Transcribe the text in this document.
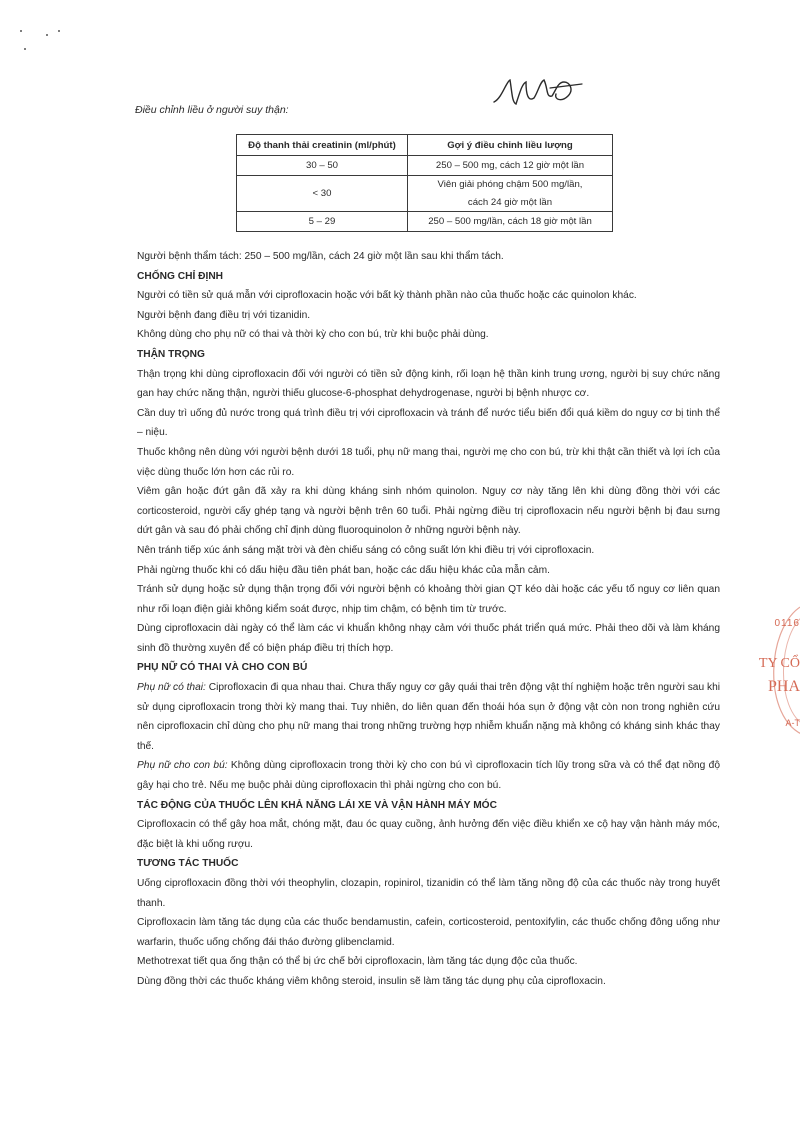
Điều chỉnh liều ở người suy thận:
Độ thanh thải creatinin (ml/phút)	Gợi ý điều chỉnh liều lượng
30 – 50	250 – 500 mg, cách 12 giờ một lần
< 30	Viên giải phóng chậm 500 mg/lần,
cách 24 giờ một lần

5 – 29	250 – 500 mg/lần, cách 18 giờ một lần

Người bệnh thẩm tách: 250 – 500 mg/lần, cách 24 giờ một lần sau khi thẩm tách.

CHỐNG CHỈ ĐỊNH

Người có tiền sử quá mẫn với ciprofloxacin hoặc với bất kỳ thành phần nào của thuốc hoặc các quinolon khác.

Người bệnh đang điều trị với tizanidin.

Không dùng cho phụ nữ có thai và thời kỳ cho con bú, trừ khi buộc phải dùng.

THẬN TRỌNG

Thận trọng khi dùng ciprofloxacin đối với người có tiền sử động kinh, rối loạn hệ thần kinh trung ương, người bị suy chức năng gan hay chức năng thận, người thiếu glucose-6-phosphat dehydrogenase, người bị bệnh nhược cơ.

Cần duy trì uống đủ nước trong quá trình điều trị với ciprofloxacin và tránh để nước tiểu biến đổi quá kiềm do nguy cơ bị tinh thể – niệu.

Thuốc không nên dùng với người bệnh dưới 18 tuổi, phụ nữ mang thai, người mẹ cho con bú, trừ khi thật cần thiết và lợi ích của việc dùng thuốc lớn hơn các rủi ro.

Viêm gân hoặc đứt gân đã xảy ra khi dùng kháng sinh nhóm quinolon. Nguy cơ này tăng lên khi dùng đồng thời với các corticosteroid, người cấy ghép tạng và người bệnh trên 60 tuổi. Phải ngừng điều trị ciprofloxacin nếu người bệnh bị đau sưng dứt gân và sau đó phải chống chỉ định dùng fluoroquinolon ở những người bệnh này.

Nên tránh tiếp xúc ánh sáng mặt trời và đèn chiếu sáng có công suất lớn khi điều trị với ciprofloxacin.

Phải ngừng thuốc khi có dấu hiệu đầu tiên phát ban, hoặc các dấu hiệu khác của mẫn cảm.

Tránh sử dụng hoặc sử dụng thận trọng đối với người bệnh có khoảng thời gian QT kéo dài hoặc các yếu tố nguy cơ liên quan như rối loạn điện giải không kiểm soát được, nhịp tim chậm, có bệnh tim từ trước.

Dùng ciprofloxacin dài ngày có thể làm các vi khuẩn không nhạy cảm với thuốc phát triển quá mức. Phải theo dõi và làm kháng sinh đồ thường xuyên để có biện pháp điều trị thích hợp.

PHỤ NỮ CÓ THAI VÀ CHO CON BÚ

Phụ nữ có thai: Ciprofloxacin đi qua nhau thai. Chưa thấy nguy cơ gây quái thai trên động vật thí nghiệm hoặc trên người sau khi sử dụng ciprofloxacin trong thời kỳ mang thai. Tuy nhiên, do liên quan đến thoái hóa sụn ở động vật còn non trong nghiên cứu nên ciprofloxacin chỉ dùng cho phụ nữ mang thai trong những trường hợp nhiễm khuẩn nặng mà không có kháng sinh khác thay thế.

Phụ nữ cho con bú: Không dùng ciprofloxacin trong thời kỳ cho con bú vì ciprofloxacin tích lũy trong sữa và có thể đạt nồng độ gây hại cho trẻ. Nếu mẹ buộc phải dùng ciprofloxacin thì phải ngừng cho con bú.

TÁC ĐỘNG CỦA THUỐC LÊN KHẢ NĂNG LÁI XE VÀ VẬN HÀNH MÁY MÓC

Ciprofloxacin có thể gây hoa mắt, chóng mặt, đau óc quay cuồng, ảnh hưởng đến việc điều khiển xe cộ hay vận hành máy móc, đặc biệt là khi uống rượu.

TƯƠNG TÁC THUỐC

Uống ciprofloxacin đồng thời với theophylin, clozapin, ropinirol, tizanidin có thể làm tăng nồng độ của các thuốc này trong huyết thanh.

Ciprofloxacin làm tăng tác dụng của các thuốc bendamustin, cafein, corticosteroid, pentoxifylin, các thuốc chống đông uống như warfarin, thuốc uống chống đái tháo đường glibenclamid.

Methotrexat tiết qua ống thận có thể bị ức chế bởi ciprofloxacin, làm tăng tác dụng độc của thuốc.

Dùng đồng thời các thuốc kháng viêm không steroid, insulin sẽ làm tăng tác dụng phụ của ciprofloxacin.

0116
TY CỔ
PHA
A-T
